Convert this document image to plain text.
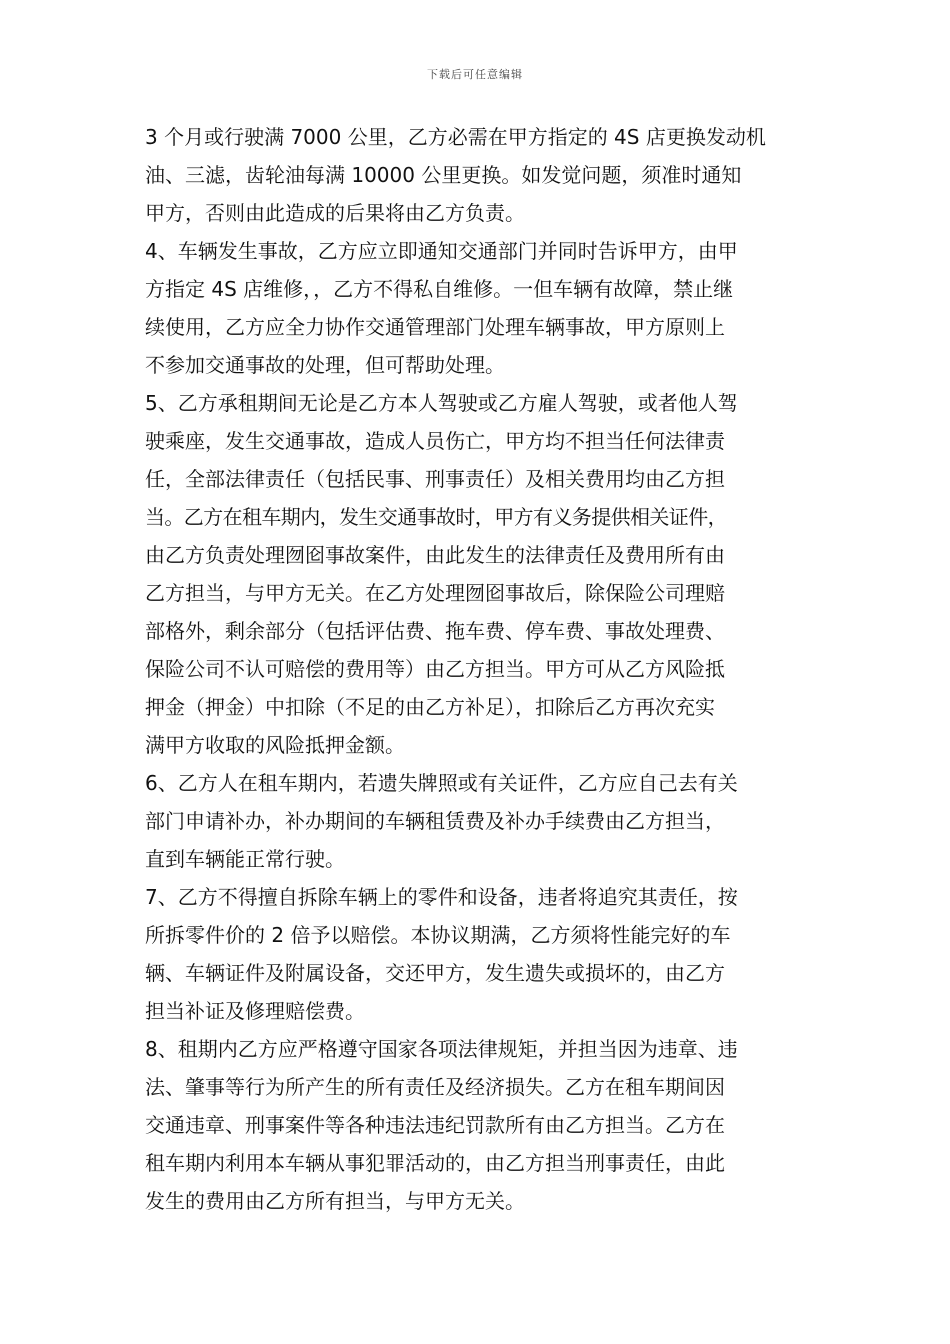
下载后可任意编辑
3 个月或行驶满 7000 公里，乙方必需在甲方指定的 4S 店更换发动机
油、三滤，齿轮油每满 10000 公里更换。如发觉问题，须准时通知
甲方，否则由此造成的后果将由乙方负责。
4、车辆发生事故，乙方应立即通知交通部门并同时告诉甲方，由甲
方指定 4S 店维修，，乙方不得私自维修。一但车辆有故障，禁止继
续使用，乙方应全力协作交通管理部门处理车辆事故，甲方原则上
不参加交通事故的处理，但可帮助处理。
5、乙方承租期间无论是乙方本人驾驶或乙方雇人驾驶，或者他人驾
驶乘座，发生交通事故，造成人员伤亡，甲方均不担当任何法律责
任，全部法律责任（包括民事、刑事责任）及相关费用均由乙方担
当。乙方在租车期内，发生交通事故时，甲方有义务提供相关证件，
由乙方负责处理囫囵事故案件，由此发生的法律责任及费用所有由
乙方担当，与甲方无关。在乙方处理囫囵事故后，除保险公司理赔
部格外，剩余部分（包括评估费、拖车费、停车费、事故处理费、
保险公司不认可赔偿的费用等）由乙方担当。甲方可从乙方风险抵
押金（押金）中扣除（不足的由乙方补足），扣除后乙方再次充实
满甲方收取的风险抵押金额。
6、乙方人在租车期内，若遗失牌照或有关证件，乙方应自己去有关
部门申请补办，补办期间的车辆租赁费及补办手续费由乙方担当，
直到车辆能正常行驶。
7、乙方不得擅自拆除车辆上的零件和设备，违者将追究其责任，按
所拆零件价的 2 倍予以赔偿。本协议期满，乙方须将性能完好的车
辆、车辆证件及附属设备，交还甲方，发生遗失或损坏的，由乙方
担当补证及修理赔偿费。
8、租期内乙方应严格遵守国家各项法律规矩，并担当因为违章、违
法、肇事等行为所产生的所有责任及经济损失。乙方在租车期间因
交通违章、刑事案件等各种违法违纪罚款所有由乙方担当。乙方在
租车期内利用本车辆从事犯罪活动的，由乙方担当刑事责任，由此
发生的费用由乙方所有担当，与甲方无关。
